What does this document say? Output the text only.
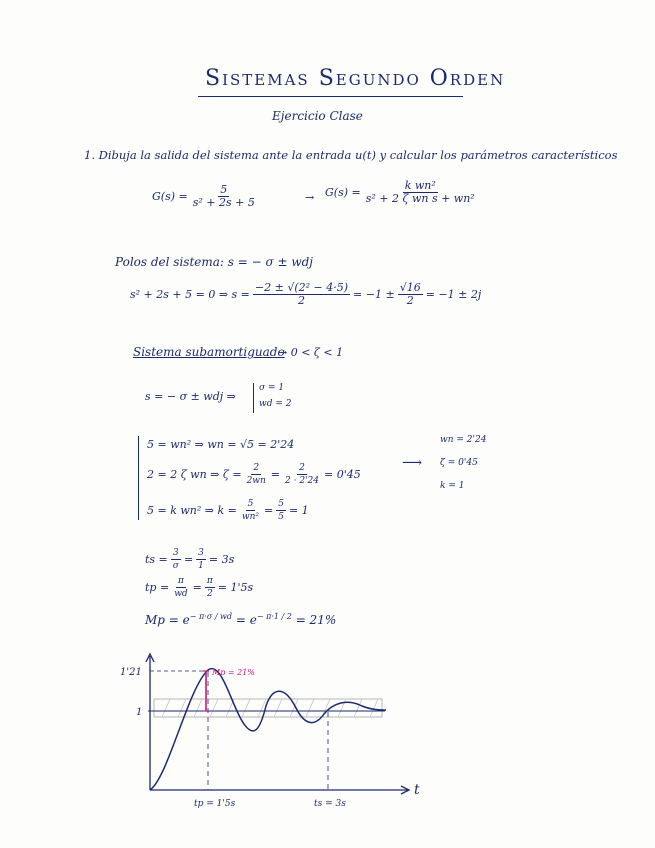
Sistemas Segundo Orden
Ejercicio Clase
1. Dibuja la salida del sistema ante la entrada u(t) y calcular los parámetros característicos
$G(s) = \frac{5}{\text{s² + 2s + 5}}$	→ $G(s) = \frac{\text{k wn²}}{\text{s² + 2 ζ wn s + wn²}}$
Polos del sistema: s = − σ ± wdj
s² + 2s + 5 = 0 ⇒ $s = \frac{\text{−2 ± √(2² − 4·5)}}{2} = -1 \pm \frac{√16}{2} = -1 \pm 2j$
Sistema subamortiguado
→ 0 < ζ < 1
s = − σ ± wdj ⇒
σ = 1
wd = 2
5 = wn² ⇒ wn = √5 = 2'24
2 = 2 ζ wn ⇒ $\zeta = \frac{2}{2wn} = \frac{2}{2 \cdot 2'24} = 0'45$
5 = k wn² ⇒ $k = \frac{5}{\text{wn²}} = \frac{5}{5} = 1$
⟶
wn = 2'24
ζ = 0'45
k = 1
ts = $\frac{3}{\sigma} = \frac{3}{1} = 3s$
tp = $\frac{\pi}{wd} = \frac{\pi}{2} = 1'5s$
$Mp = e^{- \pi\cdot\sigma / wd} = e^{- \pi\cdot 1 / 2} = 21\%$
1'21
1
Mp = 21%
tp = 1'5s	ts = 3s
t
